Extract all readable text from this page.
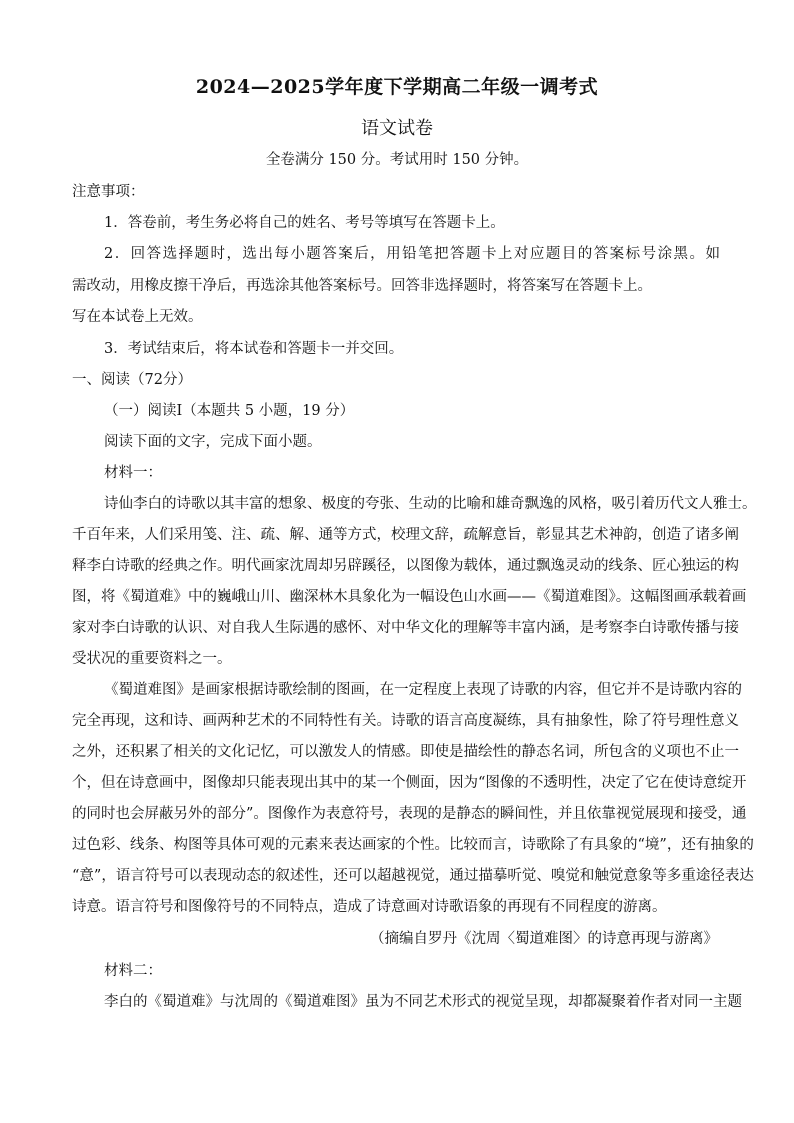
2024—2025学年度下学期高二年级一调考式
语文试卷
全卷满分 150 分。考试用时 150 分钟。
注意事项：
1．答卷前，考生务必将自己的姓名、考号等填写在答题卡上。
2．回答选择题时，选出每小题答案后，用铅笔把答题卡上对应题目的答案标号涂黑。如
需改动，用橡皮擦干净后，再选涂其他答案标号。回答非选择题时，将答案写在答题卡上。
写在本试卷上无效。
3．考试结束后，将本试卷和答题卡一并交回。
一、阅读（72分）
（一）阅读Ⅰ（本题共 5 小题，19 分）
阅读下面的文字，完成下面小题。
材料一：
诗仙李白的诗歌以其丰富的想象、极度的夸张、生动的比喻和雄奇飘逸的风格，吸引着历代文人雅士。
千百年来，人们采用笺、注、疏、解、通等方式，校理文辞，疏解意旨，彰显其艺术神韵，创造了诸多阐
释李白诗歌的经典之作。明代画家沈周却另辟蹊径，以图像为载体，通过飘逸灵动的线条、匠心独运的构
图，将《蜀道难》中的巍峨山川、幽深林木具象化为一幅设色山水画——《蜀道难图》。这幅图画承载着画
家对李白诗歌的认识、对自我人生际遇的感怀、对中华文化的理解等丰富内涵，是考察李白诗歌传播与接
受状况的重要资料之一。
《蜀道难图》是画家根据诗歌绘制的图画，在一定程度上表现了诗歌的内容，但它并不是诗歌内容的
完全再现，这和诗、画两种艺术的不同特性有关。诗歌的语言高度凝练，具有抽象性，除了符号理性意义
之外，还积累了相关的文化记忆，可以激发人的情感。即使是描绘性的静态名词，所包含的义项也不止一
个，但在诗意画中，图像却只能表现出其中的某一个侧面，因为“图像的不透明性，决定了它在使诗意绽开
的同时也会屏蔽另外的部分”。图像作为表意符号，表现的是静态的瞬间性，并且依靠视觉展现和接受，通
过色彩、线条、构图等具体可观的元素来表达画家的个性。比较而言，诗歌除了有具象的“境”，还有抽象的
“意”，语言符号可以表现动态的叙述性，还可以超越视觉，通过描摹听觉、嗅觉和触觉意象等多重途径表达
诗意。语言符号和图像符号的不同特点，造成了诗意画对诗歌语象的再现有不同程度的游离。
（摘编自罗丹《沈周〈蜀道难图〉的诗意再现与游离》
材料二：
李白的《蜀道难》与沈周的《蜀道难图》虽为不同艺术形式的视觉呈现，却都凝聚着作者对同一主题
